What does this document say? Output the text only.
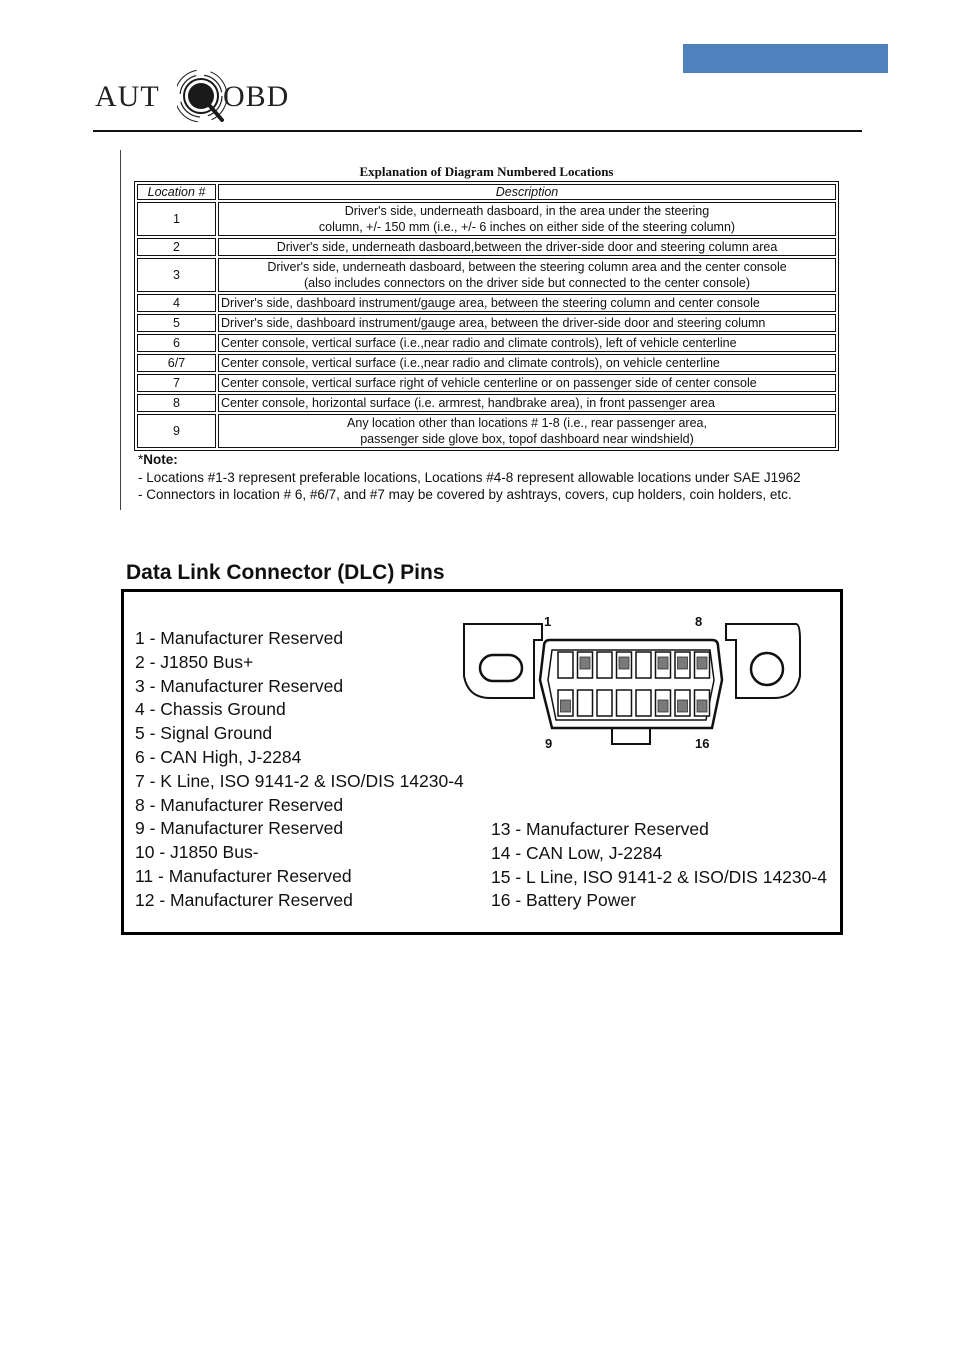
AUT OBD
Explanation of Diagram Numbered Locations
Location #	Description
1	Driver's side, underneath dasboard, in the area under the steering
column, +/- 150 mm (i.e., +/- 6 inches on either side of the steering column)

2	Driver's side, underneath dasboard,between the driver-side door and steering column area

3	Driver's side, underneath dasboard, between the steering column area and the center console
(also includes connectors on the driver side but connected to the center console)

4	Driver's side, dashboard instrument/gauge area, between the steering column and center console

5	Driver's side, dashboard instrument/gauge area, between the driver-side door and steering column

6	Center console, vertical surface (i.e.,near radio and climate controls), left of vehicle centerline

6/7	Center console, vertical surface (i.e.,near radio and climate controls), on vehicle centerline

7	Center console, vertical surface right of vehicle centerline or on passenger side of center console

8	Center console, horizontal surface (i.e. armrest, handbrake area), in front passenger area

9	Any location other than locations # 1-8 (i.e., rear passenger area,
passenger side glove box, topof dashboard near windshield)
*Note:
- Locations #1-3 represent preferable locations, Locations #4-8 represent allowable locations under SAE J1962
- Connectors in location # 6, #6/7, and #7 may be covered by ashtrays, covers, cup holders, coin holders, etc.
Data Link Connector (DLC) Pins
1 - Manufacturer Reserved
2 - J1850 Bus+
3 - Manufacturer Reserved
4 - Chassis Ground
5 - Signal Ground
6 - CAN High, J-2284
7 - K Line, ISO 9141-2 & ISO/DIS 14230-4
8 - Manufacturer Reserved
9 - Manufacturer Reserved
10 - J1850 Bus-
11 - Manufacturer Reserved
12 - Manufacturer Reserved
13 - Manufacturer Reserved
14 - CAN Low, J-2284
15 - L Line, ISO 9141-2 & ISO/DIS 14230-4
16 - Battery Power
1	8
9	16
